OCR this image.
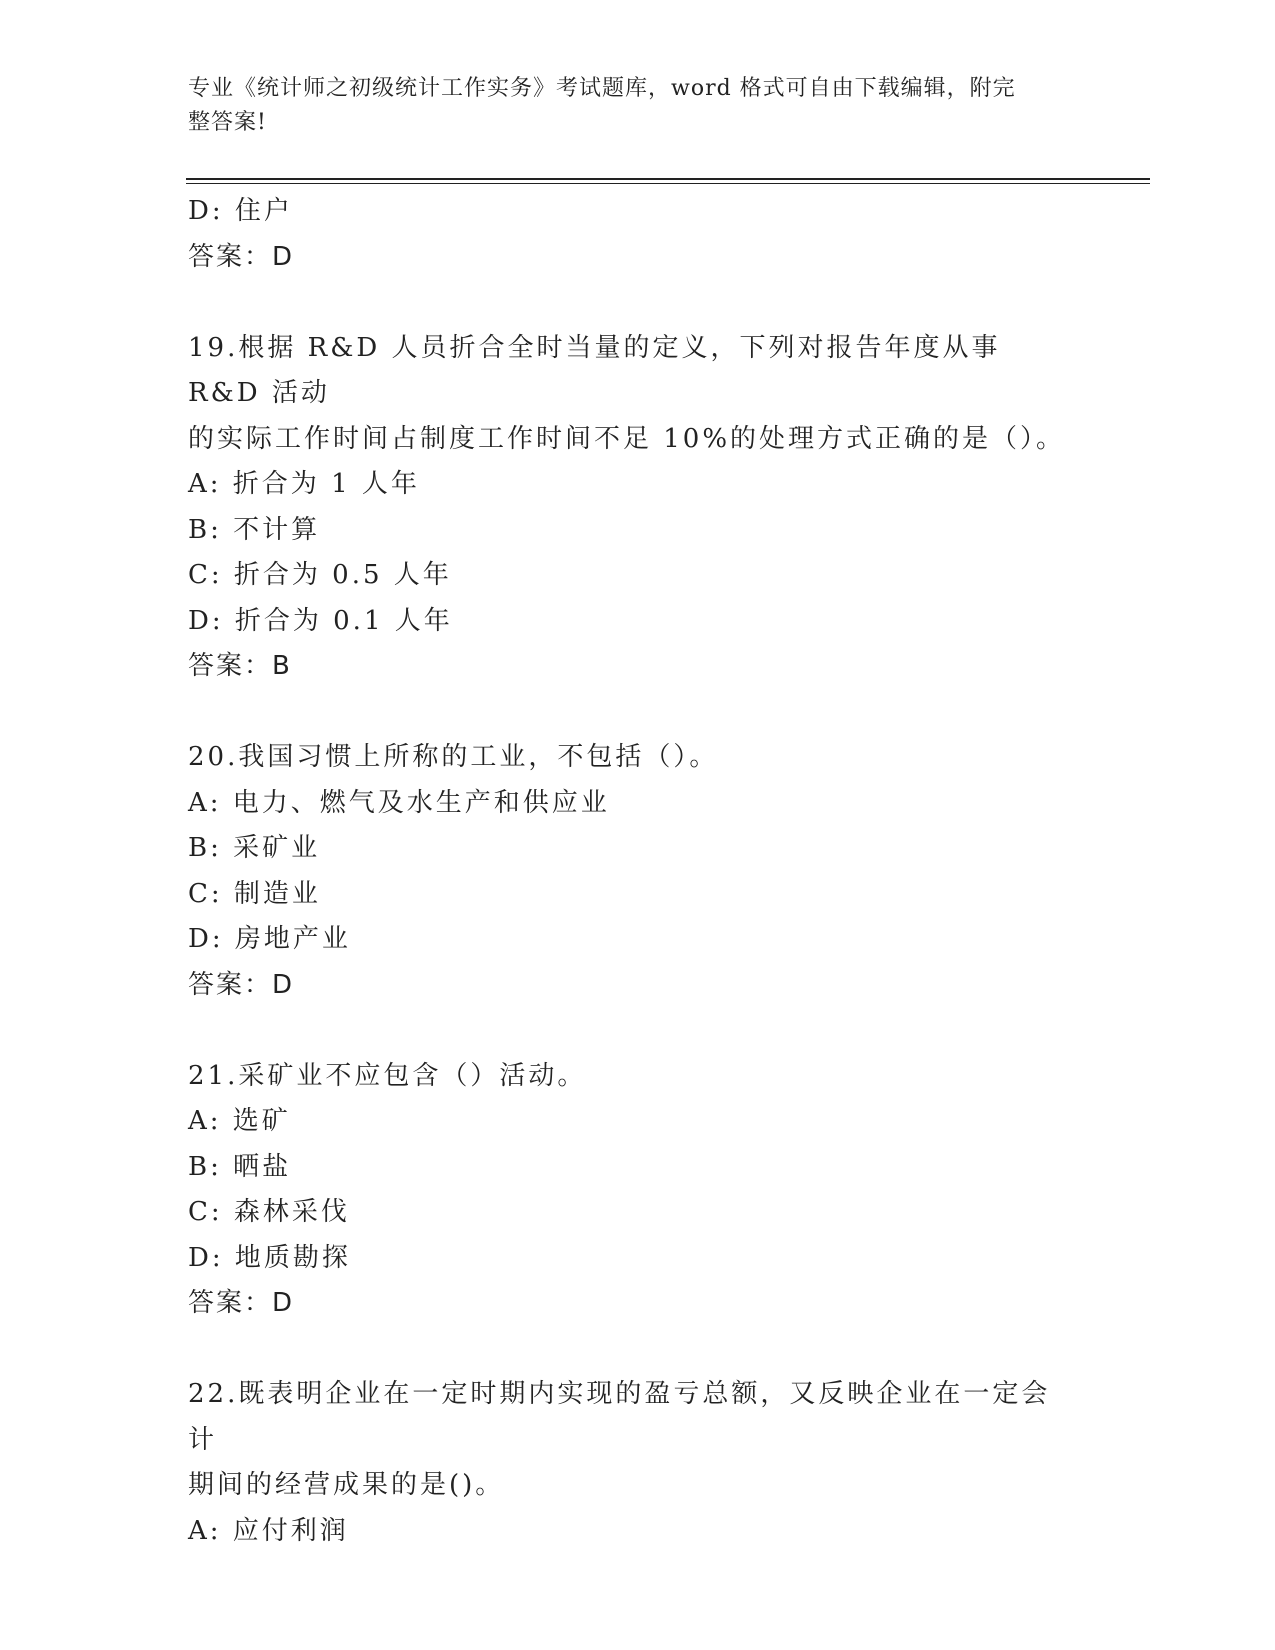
专业《统计师之初级统计工作实务》考试题库，word 格式可自由下载编辑，附完
整答案!
D: 住户
答案：D
19.根据 R&D 人员折合全时当量的定义，下列对报告年度从事 R&D 活动
的实际工作时间占制度工作时间不足 10%的处理方式正确的是（）。
A: 折合为 1 人年
B: 不计算
C: 折合为 0.5 人年
D: 折合为 0.1 人年
答案：B
20.我国习惯上所称的工业，不包括（）。
A: 电力、燃气及水生产和供应业
B: 采矿业
C: 制造业
D: 房地产业
答案：D
21.采矿业不应包含（）活动。
A: 选矿
B: 晒盐
C: 森林采伐
D: 地质勘探
答案：D
22.既表明企业在一定时期内实现的盈亏总额，又反映企业在一定会计
期间的经营成果的是()。
A: 应付利润
